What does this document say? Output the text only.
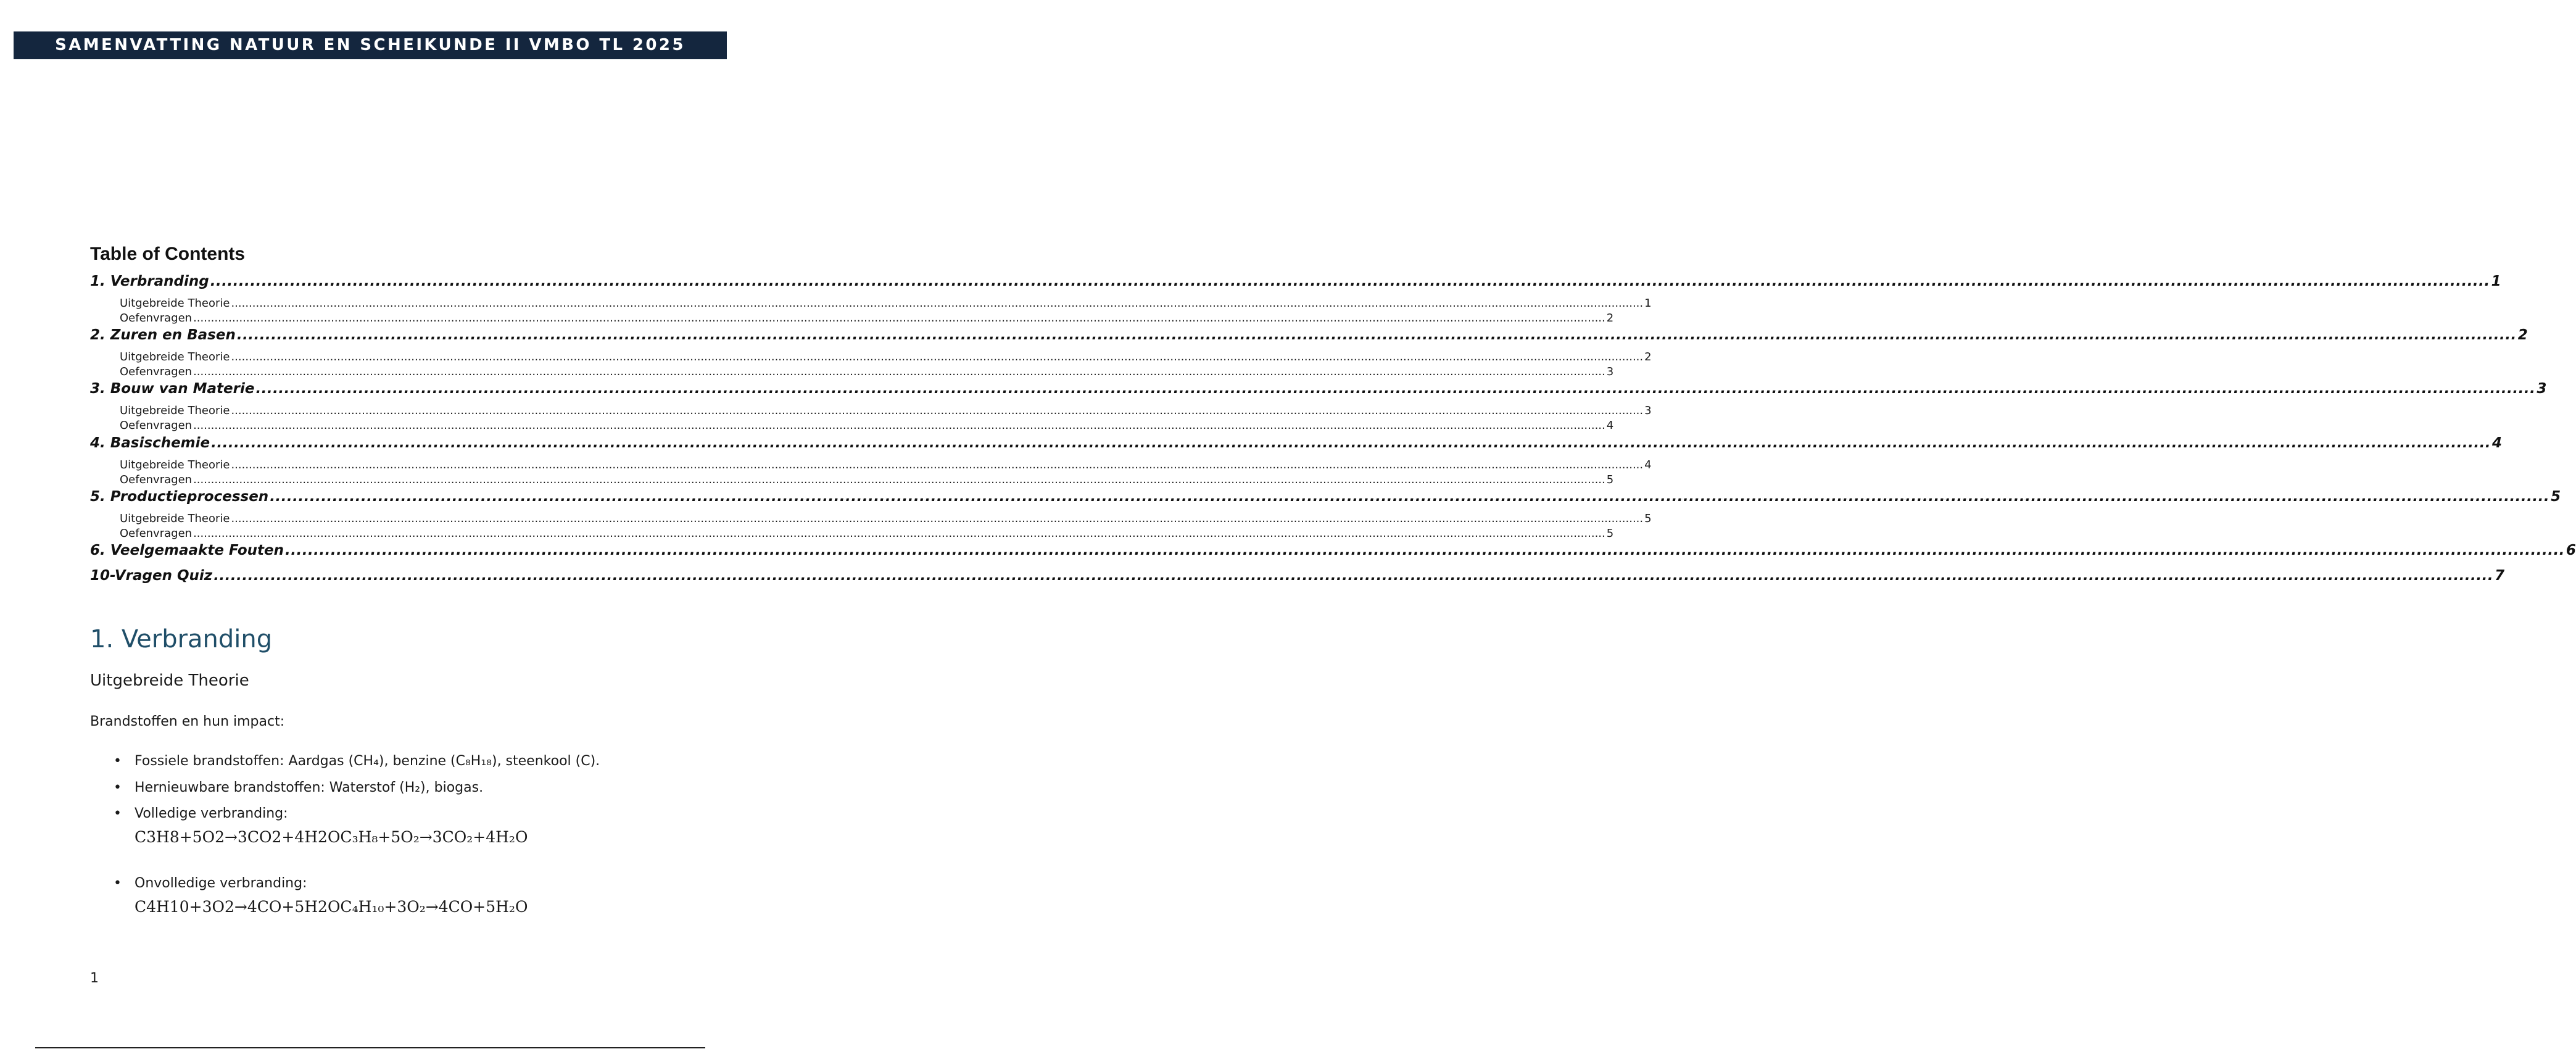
SAMENVATTING NATUUR EN SCHEIKUNDE II VMBO TL 2025
Table of Contents
1. Verbranding ................................................................................................................................................................................................................................................................................................................................................................................................................ 1
Uitgebreide Theorie ................................................................................................................................................................................................................................................................................................................................................................................................................ 1
Oefenvragen ................................................................................................................................................................................................................................................................................................................................................................................................................ 2
2. Zuren en Basen ................................................................................................................................................................................................................................................................................................................................................................................................................ 2
Uitgebreide Theorie ................................................................................................................................................................................................................................................................................................................................................................................................................ 2
Oefenvragen ................................................................................................................................................................................................................................................................................................................................................................................................................ 3
3. Bouw van Materie ................................................................................................................................................................................................................................................................................................................................................................................................................ 3
Uitgebreide Theorie ................................................................................................................................................................................................................................................................................................................................................................................................................ 3
Oefenvragen ................................................................................................................................................................................................................................................................................................................................................................................................................ 4
4. Basischemie ................................................................................................................................................................................................................................................................................................................................................................................................................ 4
Uitgebreide Theorie ................................................................................................................................................................................................................................................................................................................................................................................................................ 4
Oefenvragen ................................................................................................................................................................................................................................................................................................................................................................................................................ 5
5. Productieprocessen ................................................................................................................................................................................................................................................................................................................................................................................................................ 5
Uitgebreide Theorie ................................................................................................................................................................................................................................................................................................................................................................................................................ 5
Oefenvragen ................................................................................................................................................................................................................................................................................................................................................................................................................ 5
6. Veelgemaakte Fouten ................................................................................................................................................................................................................................................................................................................................................................................................................ 6
10-Vragen Quiz ................................................................................................................................................................................................................................................................................................................................................................................................................ 7
1. Verbranding
Uitgebreide Theorie

Brandstoffen en hun impact:

• Fossiele brandstoffen: Aardgas (CH₄), benzine (C₈H₁₈), steenkool (C).
• Hernieuwbare brandstoffen: Waterstof (H₂), biogas.
• Volledige verbranding:
• Onvolledige verbranding:
1
C3H8+5O2→3CO2+4H2OC₃H₈+5O₂→3CO₂+4H₂O
C4H10+3O2→4CO+5H2OC₄H₁₀+3O₂→4CO+5H₂O
